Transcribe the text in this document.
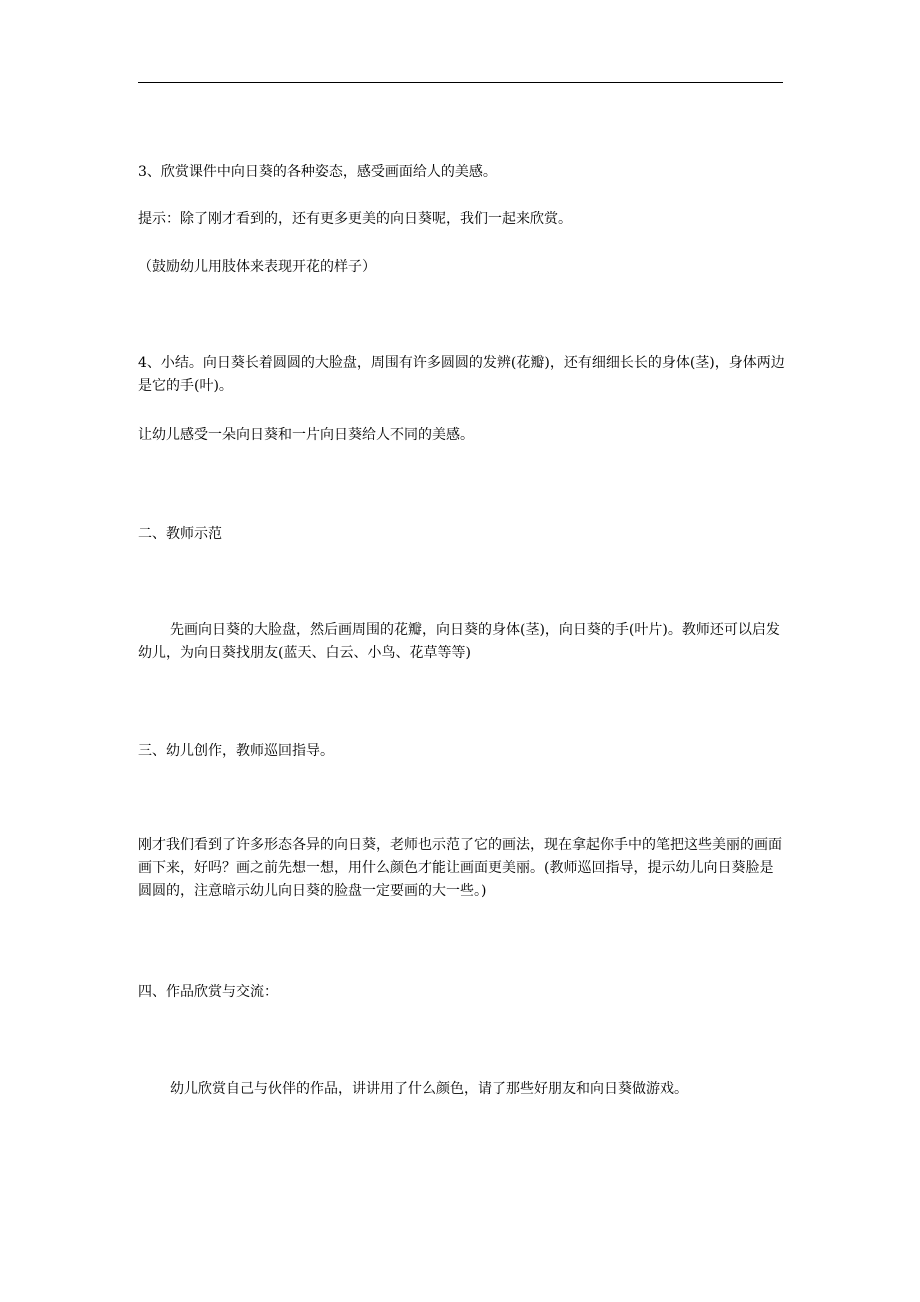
3、欣赏课件中向日葵的各种姿态，感受画面给人的美感。

提示：除了刚才看到的，还有更多更美的向日葵呢，我们一起来欣赏。

（鼓励幼儿用肢体来表现开花的样子）

4、小结。向日葵长着圆圆的大脸盘，周围有许多圆圆的发辨(花瓣)，还有细细长长的身体(茎)，身体两边是它的手(叶)。

让幼儿感受一朵向日葵和一片向日葵给人不同的美感。

二、教师示范

先画向日葵的大脸盘，然后画周围的花瓣，向日葵的身体(茎)，向日葵的手(叶片)。教师还可以启发幼儿，为向日葵找朋友(蓝天、白云、小鸟、花草等等)

三、幼儿创作，教师巡回指导。

刚才我们看到了许多形态各异的向日葵，老师也示范了它的画法，现在拿起你手中的笔把这些美丽的画面画下来，好吗？画之前先想一想，用什么颜色才能让画面更美丽。(教师巡回指导，提示幼儿向日葵脸是圆圆的，注意暗示幼儿向日葵的脸盘一定要画的大一些。)

四、作品欣赏与交流：

幼儿欣赏自己与伙伴的作品，讲讲用了什么颜色，请了那些好朋友和向日葵做游戏。
